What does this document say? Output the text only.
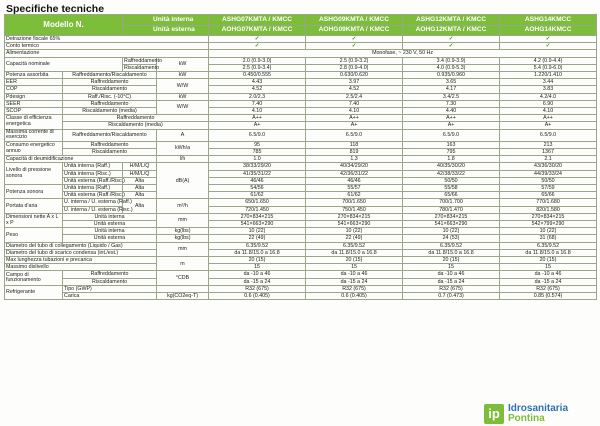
Specifiche tecniche
Modello N.		Unità interna		ASHG07KMTA / KMCC	ASHG09KMTA / KMCC	ASHG12KMTA / KMCC	ASHG14KMCC
		Unità esterna		AOHG07KMTA / KMCC	AOHG09KMTA / KMCC	AOHG12KMTA / KMCC	AOHG14KMCC
Detrazione fiscale 65%				✓	✓	✓	✓
Conto termico				✓	✓	✓	✓
Alimentazione				Monofase, ~ 230 V, 50 Hz			
Capacità nominale		Raffreddamento	kW	2.0 (0.9-3.0)	2.5 (0.9-3.2)	3.4 (0.9-3.9)	4.2 (0.9-4.4)
		Riscaldamento		2.5 (0.9-3.4)	2.8 (0.9-4.0)	4.0 (0.9-5.3)	5.4 (0.9-6.0)
Potenza assorbita	Raffreddamento/Riscaldamento		kW	0.450/0.555	0.630/0.620	0.935/0.960	1.220/1.410
EER	Raffreddamento		W/W	4.43	3.97	3.65	3.44
COP	Riscaldamento			4.52	4.52	4.17	3.83
Pdesign	Raff./Risc. (-10°C)		kW	2.0/2.3	2.5/2.4	3.4/2.5	4.2/4.0
SEER	Raffreddamento		W/W	7.40	7.40	7.30	6.90
SCOP	Riscaldamento (media)			4.10	4.10	4.40	4.10
Classe di efficienza energetica	Raffreddamento			A++	A++	A++	A++
	Riscaldamento (media)			A+	A+	A+	A+
Massima corrente di esercizio	Raffreddamento/Riscaldamento		A	6.5/9.0	6.5/9.0	6.5/9.0	6.5/9.0
Consumo energetico annuo	Raffreddamento		kWh/a	95	118	163	213
	Riscaldamento			785	819	795	1367
Capacità di deumidificazione			l/h	1.0	1.3	1.8	2.1
Livello di pressione sonora	Unità interna (Raff.)	H/M/L/Q	dB(A)	38/33/29/20	40/34/29/20	40/35/30/20	43/36/30/20
	Unità interna (Risc.)	H/M/L/Q		41/35/31/22	42/36/31/22	42/38/33/22	44/39/33/24
	Unità esterna (Raff./Risc.)	Alta		46/46	46/46	50/50	50/50
Potenza sonora	Unità interna (Raff.)	Alta		54/56	55/57	55/58	57/59
	Unità esterna (Raff./Risc.)	Alta		61/62	61/62	65/66	65/66
Portata d'aria	U. interna / U. esterna (Raff.)	Alta	m³/h	650/1.650	700/1.650	700/1.700	770/1.680
	U. interna / U. esterna (Risc.)			720/1.450	750/1.450	780/1.470	820/1.580
Dimensioni nette A x L x P	Unità interna		mm	270×834×215	270×834×215	270×834×215	270×834×215
	Unità esterna			541×663×290	541×663×290	541×663×290	542×799×290
Peso	Unità interna		kg(lbs)	10 (22)	10 (22)	10 (22)	10 (22)
	Unità esterna		kg(lbs)	22 (49)	22 (49)	24 (53)	31 (68)
Diametro del tubo di collegamento (Liquido / Gas)			mm	6.35/9.52	6.35/9.52	6.35/9.52	6.35/9.52
Diametro del tubo di scarico condensa (int./est.)				da 11.8/15.0 a 16.8	da 11.8/15.0 a 16.8	da 11.8/15.0 a 16.8	da 11.8/15.0 a 16.8
Max lunghezza tubazioni e precarica			m	20 (15)	20 (15)	20 (15)	20 (15)
Massimo dislivello				15	15	15	15
Campo di funzionamento	Raffreddamento		°CDB	da -10 a 46	da -10 a 46	da -10 a 46	da -10 a 46
	Riscaldamento			da -15 a 24	da -15 a 24	da -15 a 24	da -15 a 24
Refrigerante	Tipo (GWP)			R32 (675)	R32 (675)	R32 (675)	R32 (675)
	Carica		kg(CO2eq-T)	0.6 (0.405)	0.6 (0.405)	0.7 (0.473)	0.85 (0.574)
ip Idrosanitaria
Pontina
